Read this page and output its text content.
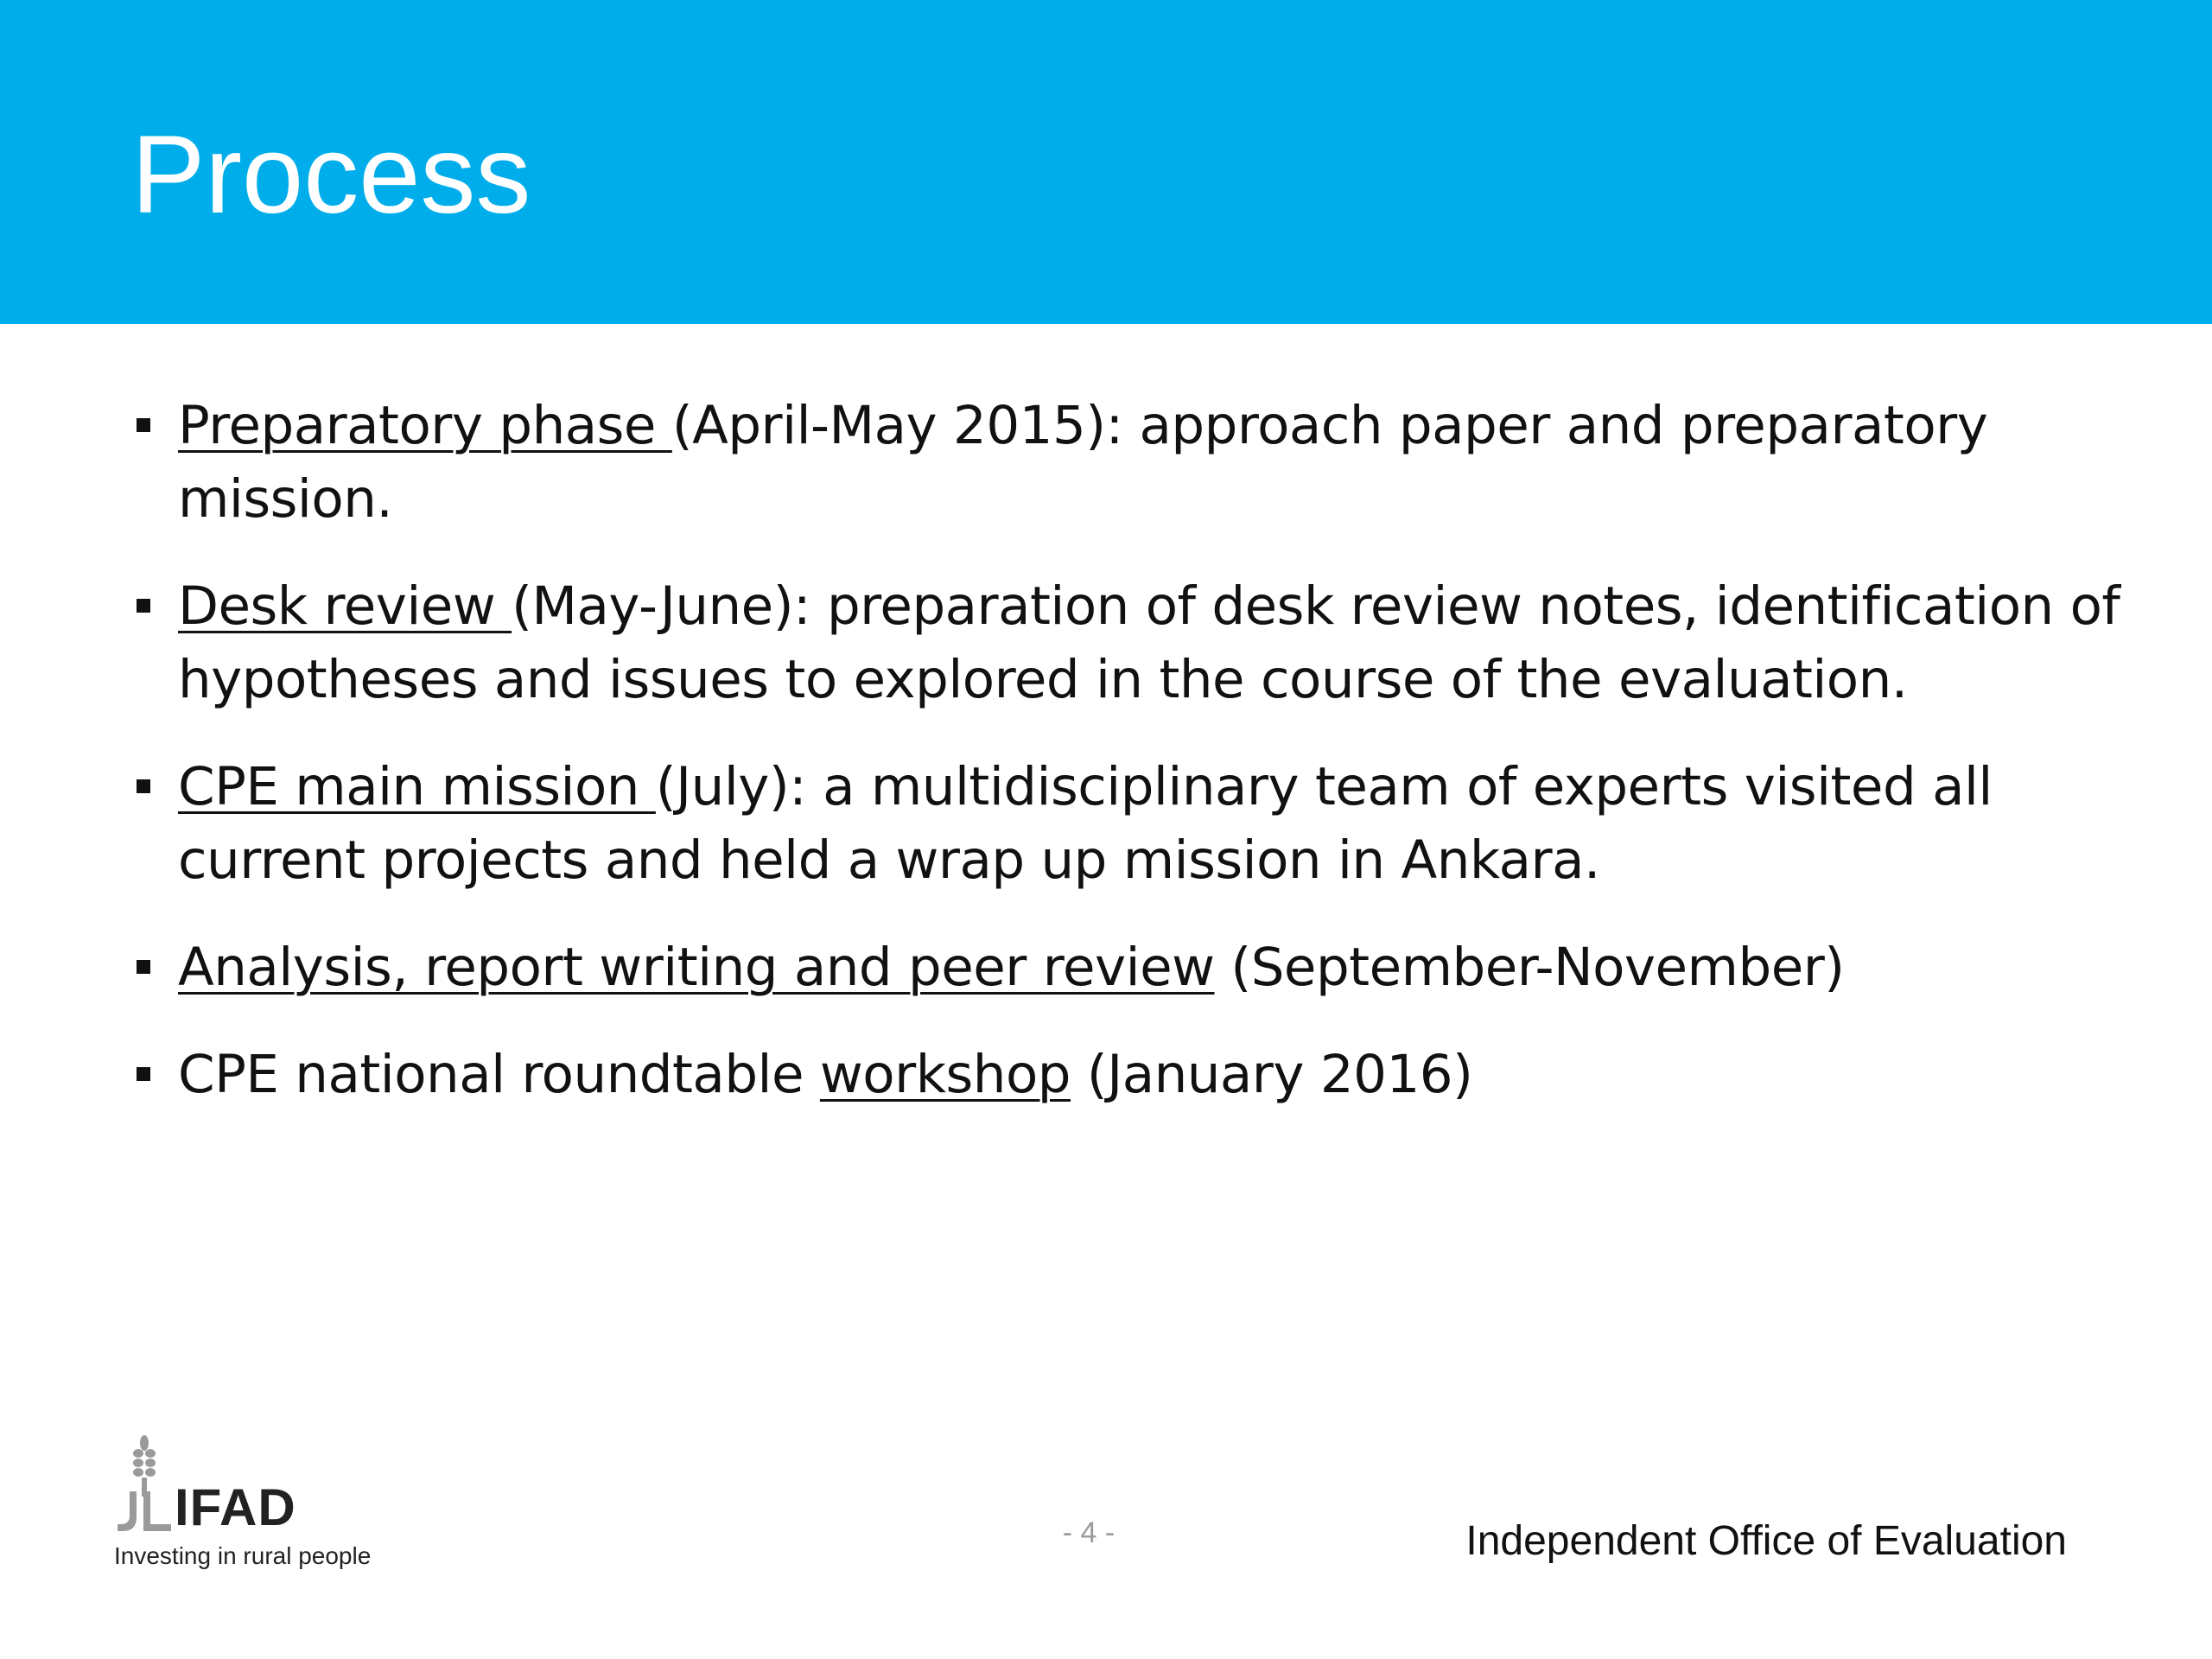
Process
Preparatory phase (April-May 2015): approach paper and preparatory mission.
Desk review (May-June): preparation of desk review notes, identification of hypotheses and issues to explored in the course of the evaluation.
CPE main mission (July): a multidisciplinary team of experts visited all current projects and held a wrap up mission in Ankara.
Analysis, report writing and peer review (September-November)
CPE national roundtable workshop (January 2016)
IFAD
Investing in rural people
- 4 -	Independent Office of Evaluation
